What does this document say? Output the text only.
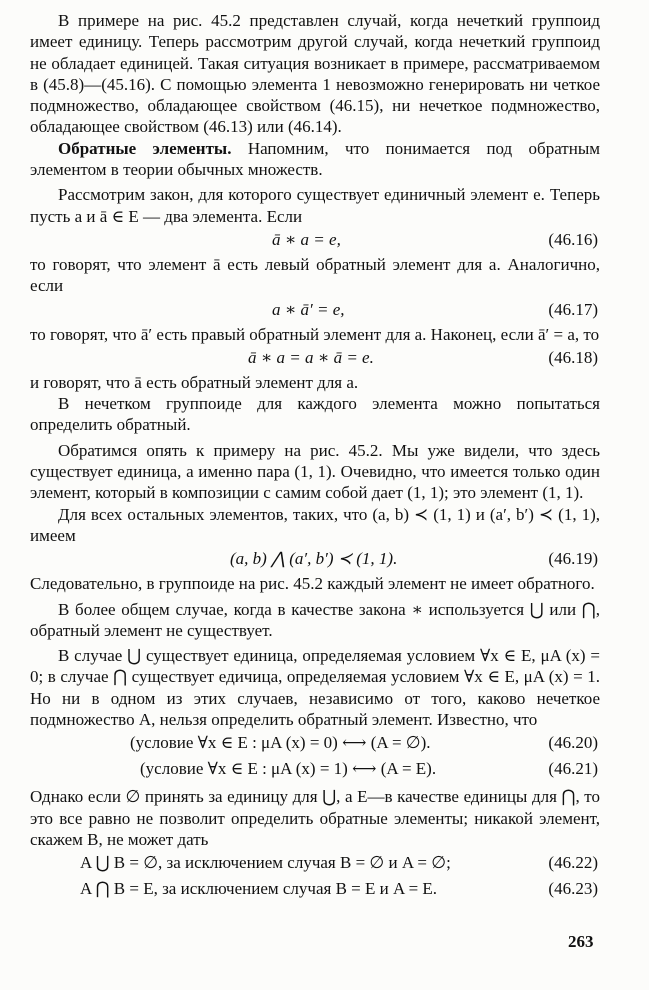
В примере на рис. 45.2 представлен случай, когда нечеткий группоид имеет единицу. Теперь рассмотрим другой случай, когда нечеткий группоид не обладает единицей. Такая ситуация возникает в примере, рассматриваемом в (45.8)—(45.16). С помощью элемента 1 невозможно генерировать ни четкое подмножество, обладающее свойством (46.15), ни нечеткое подмножество, обладающее свойством (46.13) или (46.14).

Обратные элементы. Напомним, что понимается под обратным элементом в теории обычных множеств.

Рассмотрим закон, для которого существует единичный элемент e. Теперь пусть a и ā ∈ E — два элемента. Если

ā ∗ a = e,	(46.16)

то говорят, что элемент ā есть левый обратный элемент для a. Аналогично, если

a ∗ ā′ = e,	(46.17)

то говорят, что ā′ есть правый обратный элемент для a. Наконец, если ā′ = a, то

ā ∗ a = a ∗ ā = e.	(46.18)

и говорят, что ā есть обратный элемент для a.

В нечетком группоиде для каждого элемента можно попытаться определить обратный.

Обратимся опять к примеру на рис. 45.2. Мы уже видели, что здесь существует единица, а именно пара (1, 1). Очевидно, что имеется только один элемент, который в композиции с самим собой дает (1, 1); это элемент (1, 1).

Для всех остальных элементов, таких, что (a, b) ≺ (1, 1) и (a′, b′) ≺ (1, 1), имеем

(a, b) ⋀ (a′, b′) ≺ (1, 1).	(46.19)

Следовательно, в группоиде на рис. 45.2 каждый элемент не имеет обратного.

В более общем случае, когда в качестве закона ∗ используется ⋃ или ⋂, обратный элемент не существует.

В случае ⋃ существует единица, определяемая условием ∀x ∈ E, μA (x) = 0; в случае ⋂ существует едичица, определяемая условием ∀x ∈ E, μA (x) = 1. Но ни в одном из этих случаев, независимо от того, каково нечеткое подмножество A, нельзя определить обратный элемент. Известно, что

(условие ∀x ∈ E : μA (x) = 0) ⟷ (A = ∅).	(46.20)
(условие ∀x ∈ E : μA (x) = 1) ⟷ (A = E).	(46.21)

Однако если ∅ принять за единицу для ⋃, а E—в качестве единицы для ⋂, то это все равно не позволит определить обратные элементы; никакой элемент, скажем B, не может дать

A ⋃ B = ∅, за исключением случая B = ∅ и A = ∅;	(46.22)
A ⋂ B = E, за исключением случая B = E и A = E.	(46.23)
263
